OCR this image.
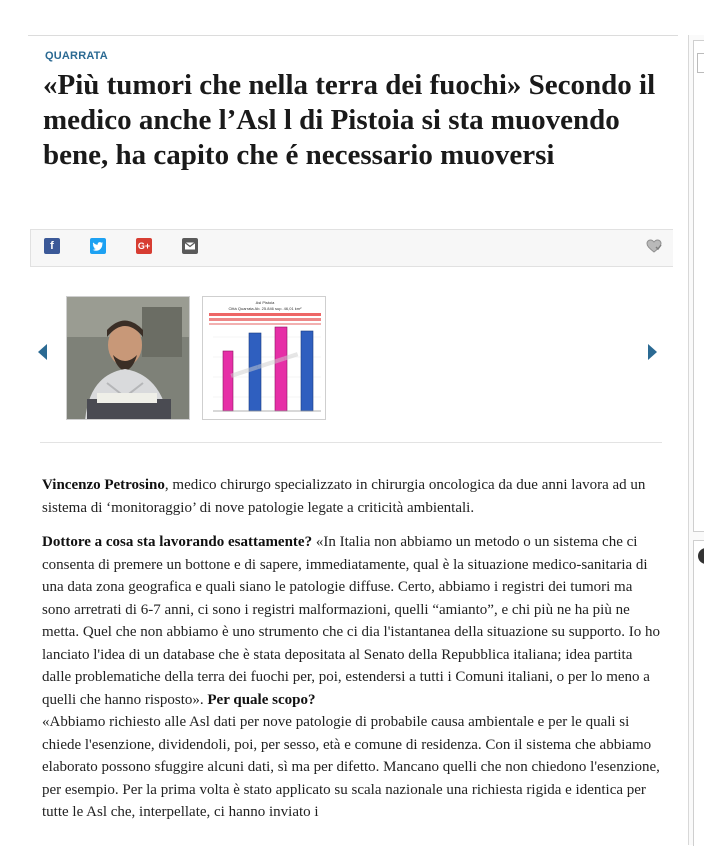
QUARRATA
«Più tumori che nella terra dei fuochi» Secondo il medico anche l’Asl l di Pistoia si sta muovendo bene, ha capito che é necessario muoversi
f	G+
Asl Pistoia
Città Quarrata Ab. 25.846 sup. 46,01 km²
▬▬▬▬▬

Vincenzo Petrosino, medico chirurgo specializzato in chirurgia oncologica da due anni lavora ad un sistema di ‘monitoraggio’ di nove patologie legate a criticità ambientali.

Dottore a cosa sta lavorando esattamente? «In Italia non abbiamo un metodo o un sistema che ci consenta di premere un bottone e di sapere, immediatamente, qual è la situazione medico-sanitaria di una data zona geografica e quali siano le patologie diffuse. Certo, abbiamo i registri dei tumori ma sono arretrati di 6-7 anni, ci sono i registri malformazioni, quelli “amianto”, e chi più ne ha più ne metta. Quel che non abbiamo è uno strumento che ci dia l'istantanea della situazione su supporto. Io ho lanciato l'idea di un database che è stata depositata al Senato della Repubblica italiana; idea partita dalle problematiche della terra dei fuochi per, poi, estendersi a tutti i Comuni italiani, o per lo meno a quelli che hanno risposto». Per quale scopo?

«Abbiamo richiesto alle Asl dati per nove patologie di probabile causa ambientale e per le quali si chiede l'esenzione, dividendoli, poi, per sesso, età e comune di residenza. Con il sistema che abbiamo elaborato possono sfuggire alcuni dati, sì ma per difetto. Mancano quelli che non chiedono l'esenzione, per esempio. Per la prima volta è stato applicato su scala nazionale una richiesta rigida e identica per tutte le Asl che, interpellate, ci hanno inviato i
